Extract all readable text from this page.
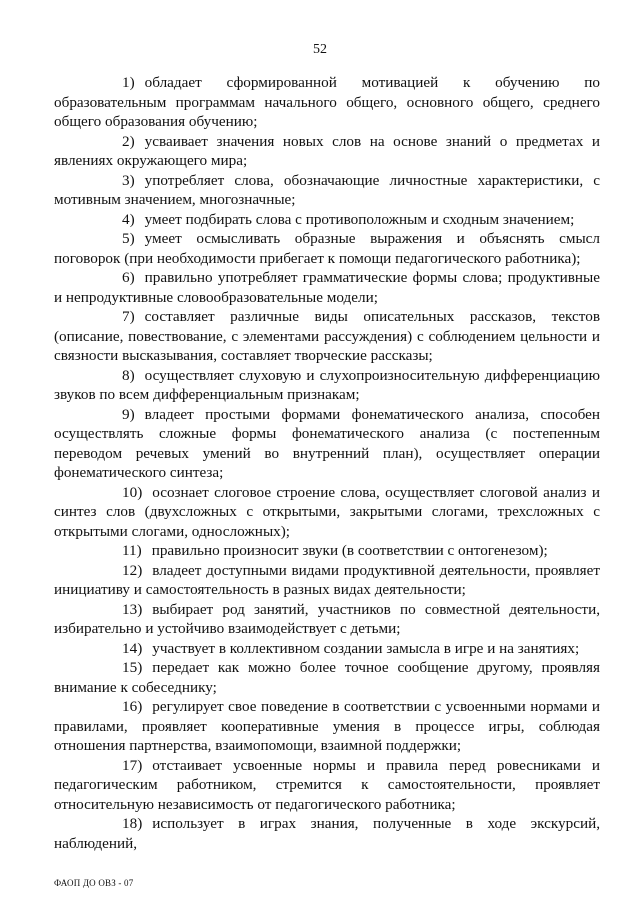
52

1) обладает сформированной мотивацией к обучению по образовательным программам начального общего, основного общего, среднего общего образования обучению;

2) усваивает значения новых слов на основе знаний о предметах и явлениях окружающего мира;

3) употребляет слова, обозначающие личностные характеристики, с мотивным значением, многозначные;

4) умеет подбирать слова с противоположным и сходным значением;

5) умеет осмысливать образные выражения и объяснять смысл поговорок (при необходимости прибегает к помощи педагогического работника);

6) правильно употребляет грамматические формы слова; продуктивные и непродуктивные словообразовательные модели;

7) составляет различные виды описательных рассказов, текстов (описание, повествование, с элементами рассуждения) с соблюдением цельности и связности высказывания, составляет творческие рассказы;

8) осуществляет слуховую и слухопроизносительную дифференциацию звуков по всем дифференциальным признакам;

9) владеет простыми формами фонематического анализа, способен осуществлять сложные формы фонематического анализа (с постепенным переводом речевых умений во внутренний план), осуществляет операции фонематического синтеза;

10) осознает слоговое строение слова, осуществляет слоговой анализ и синтез слов (двухсложных с открытыми, закрытыми слогами, трехсложных с открытыми слогами, односложных);

11) правильно произносит звуки (в соответствии с онтогенезом);

12) владеет доступными видами продуктивной деятельности, проявляет инициативу и самостоятельность в разных видах деятельности;

13) выбирает род занятий, участников по совместной деятельности, избирательно и устойчиво взаимодействует с детьми;

14) участвует в коллективном создании замысла в игре и на занятиях;

15) передает как можно более точное сообщение другому, проявляя внимание к собеседнику;

16) регулирует свое поведение в соответствии с усвоенными нормами и правилами, проявляет кооперативные умения в процессе игры, соблюдая отношения партнерства, взаимопомощи, взаимной поддержки;

17) отстаивает усвоенные нормы и правила перед ровесниками и педагогическим работником, стремится к самостоятельности, проявляет относительную независимость от педагогического работника;

18) использует в играх знания, полученные в ходе экскурсий, наблюдений,

ФАОП ДО ОВЗ - 07
